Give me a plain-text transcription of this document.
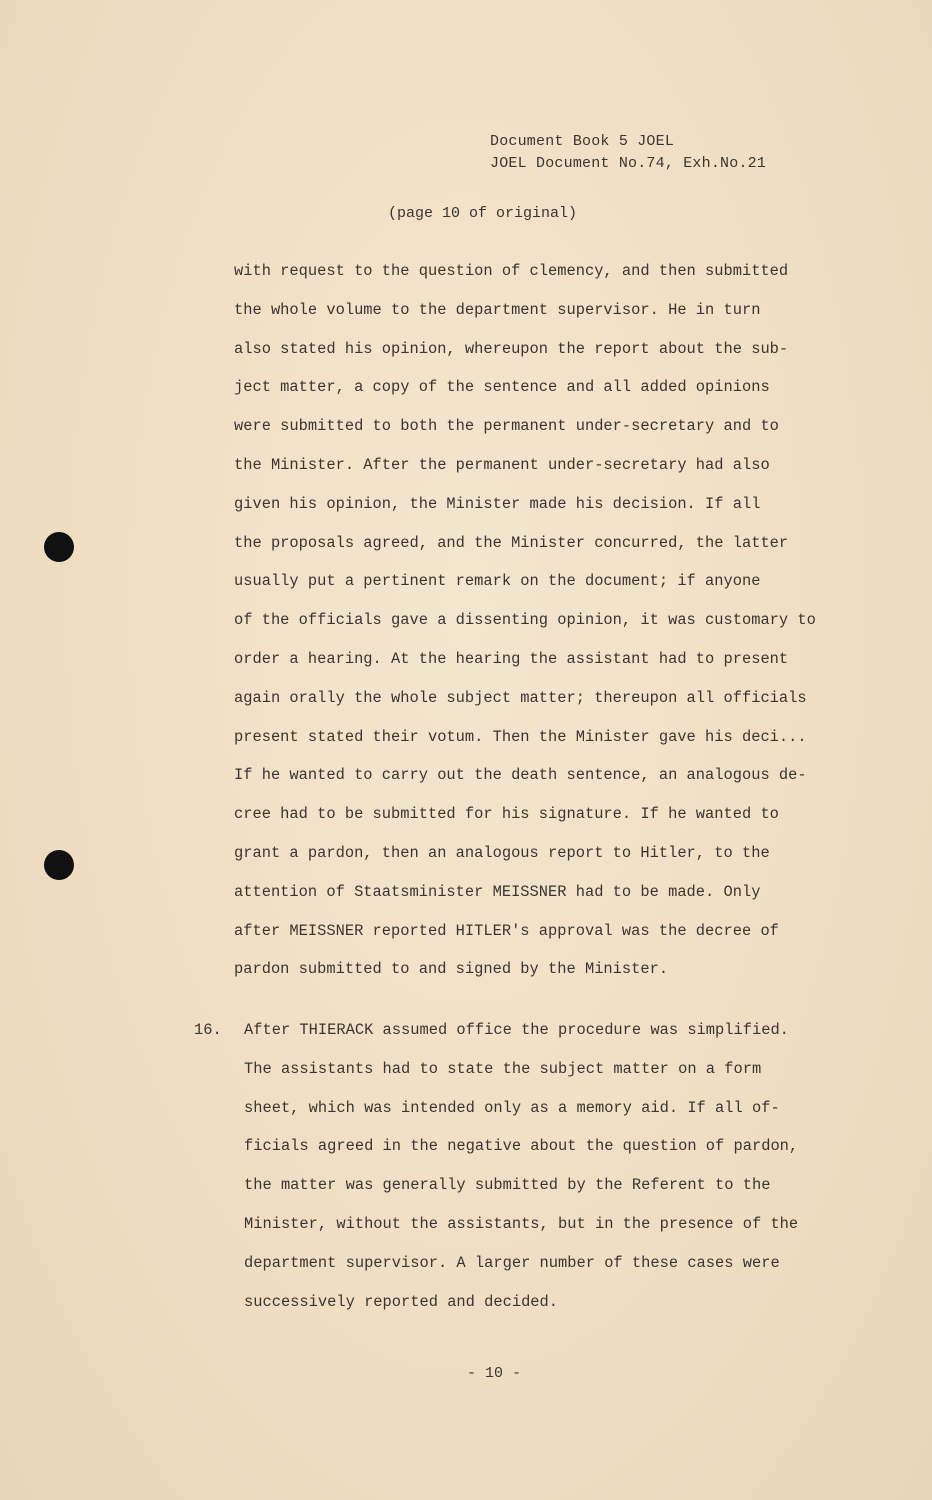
Document Book 5 JOEL
JOEL Document No.74, Exh.No.21
(page 10 of original)
with request to the question of clemency, and then submitted
the whole volume to the department supervisor. He in turn
also stated his opinion, whereupon the report about the sub-
ject matter, a copy of the sentence and all added opinions
were submitted to both the permanent under-secretary and to
the Minister. After the permanent under-secretary had also
given his opinion, the Minister made his decision. If all
the proposals agreed, and the Minister concurred, the latter
usually put a pertinent remark on the document; if anyone
of the officials gave a dissenting opinion, it was customary to
order a hearing. At the hearing the assistant had to present
again orally the whole subject matter; thereupon all officials
present stated their votum. Then the Minister gave his deci...
If he wanted to carry out the death sentence, an analogous de-
cree had to be submitted for his signature. If he wanted to
grant a pardon, then an analogous report to Hitler, to the
attention of Staatsminister MEISSNER had to be made. Only
after MEISSNER reported HITLER's approval was the decree of
pardon submitted to and signed by the Minister.
16. After THIERACK assumed office the procedure was simplified.
The assistants had to state the subject matter on a form
sheet, which was intended only as a memory aid. If all of-
ficials agreed in the negative about the question of pardon,
the matter was generally submitted by the Referent to the
Minister, without the assistants, but in the presence of the
department supervisor. A larger number of these cases were
successively reported and decided.
- 10 -
